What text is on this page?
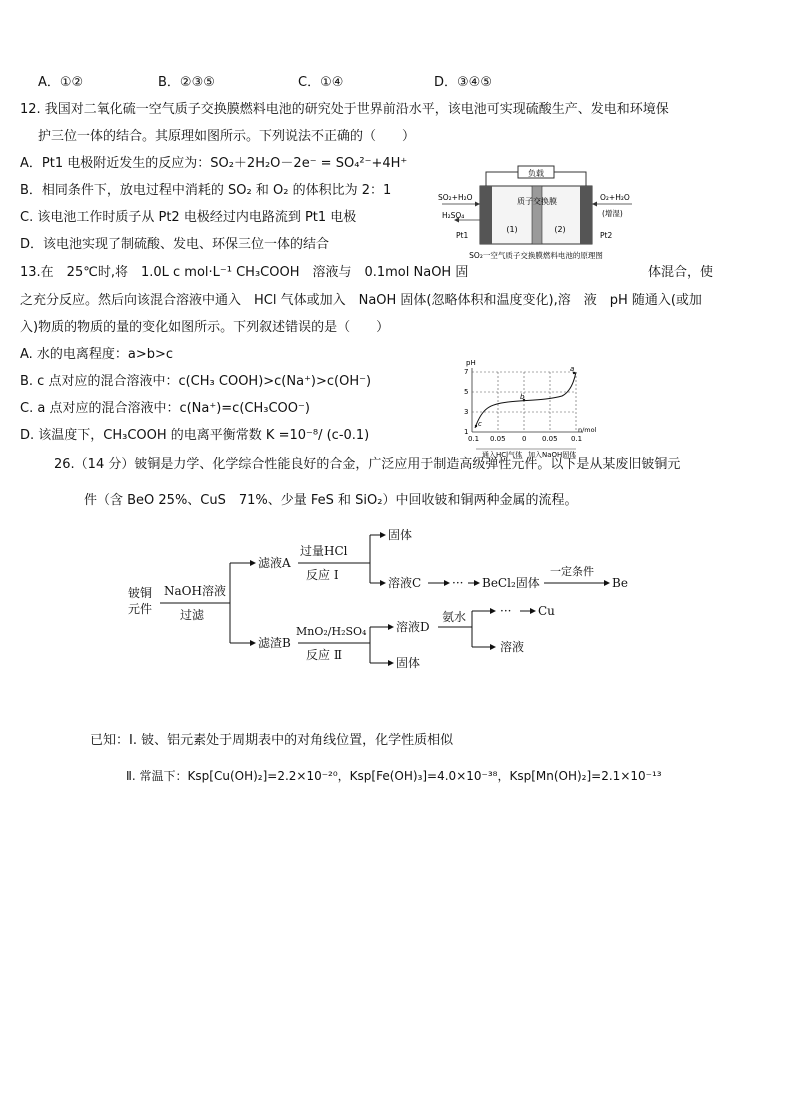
A．①②	B．②③⑤	C．①④	D．③④⑤
12. 我国对二氧化硫一空气质子交换膜燃料电池的研究处于世界前沿水平，该电池可实现硫酸生产、发电和环境保
护三位一体的结合。其原理如图所示。下列说法不正确的（　　）
A．Pt1 电极附近发生的反应为：SO₂＋2H₂O－2e⁻ = SO₄²⁻+4H⁺
B．相同条件下，放电过程中消耗的 SO₂ 和 O₂ 的体积比为 2：1
C. 该电池工作时质子从 Pt2 电极经过内电路流到 Pt1 电极
D．该电池实现了制硫酸、发电、环保三位一体的结合
负载
质子交换膜
(1)	(2)
SO₂+H₂O
H₂SO₄
Pt1
O₂+H₂O
(增湿)
Pt2
SO₂一空气质子交换膜燃料电池的原理图
13.在　25℃时,将　1.0L c mol·L⁻¹ CH₃COOH　溶液与　0.1mol NaOH 固	体混合，使
之充分反应。然后向该混合溶液中通入　HCl 气体或加入　NaOH 固体(忽略体积和温度变化),溶　液　pH 随通入(或加
入)物质的物质的量的变化如图所示。下列叙述错误的是（　　）
A. 水的电离程度：a>b>c
B. c 点对应的混合溶液中：c(CH₃ COOH)>c(Na⁺)>c(OH⁻)
C. a 点对应的混合溶液中：c(Na⁺)=c(CH₃COO⁻)
D. 该温度下，CH₃COOH 的电离平衡常数 K =10⁻⁸/ (c-0.1)
pH
7
5
3
1
0.1 0.05 0 0.05 0.1
n/mol
a
b
c
通入HCl气体 加入NaOH固体
26.（14 分）铍铜是力学、化学综合性能良好的合金，广泛应用于制造高级弹性元件。以下是从某废旧铍铜元
件（含 BeO 25%、CuS　71%、少量 FeS 和 SiO₂）中回收铍和铜两种金属的流程。
铍铜
元件
NaOH溶液
过滤
滤液A
过量HCl
反应 Ⅰ
固体
溶液C	··· BeCl₂固体
一定条件
Be
滤渣B
MnO₂/H₂SO₄
反应 Ⅱ
溶液D
固体
氨水	··· Cu
溶液
已知：Ⅰ. 铍、铝元素处于周期表中的对角线位置，化学性质相似
Ⅱ. 常温下：Ksp[Cu(OH)₂]=2.2×10⁻²⁰，Ksp[Fe(OH)₃]=4.0×10⁻³⁸，Ksp[Mn(OH)₂]=2.1×10⁻¹³
